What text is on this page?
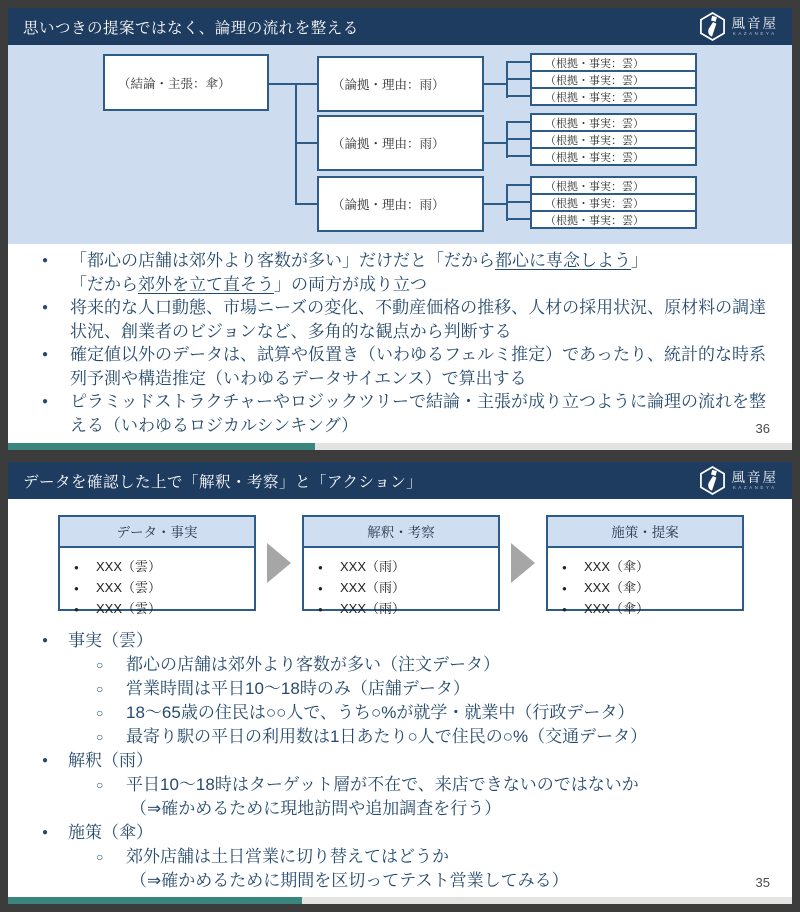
思いつきの提案ではなく、論理の流れを整える	風音屋
KAZANEYA
（結論・主張：傘）	（論拠・理由：雨）
（論拠・理由：雨）
（論拠・理由：雨）
（根拠・事実：雲）
（根拠・事実：雲）
（根拠・事実：雲）
（根拠・事実：雲）
（根拠・事実：雲）
（根拠・事実：雲）
（根拠・事実：雲）
（根拠・事実：雲）
（根拠・事実：雲）
●	「都心の店舗は郊外より客数が多い」だけだと「だから都心に専念しよう」
「だから郊外を立て直そう」の両方が成り立つ
●	将来的な人口動態、市場ニーズの変化、不動産価格の推移、人材の採用状況、原材料の調達状況、創業者のビジョンなど、多角的な観点から判断する
●	確定値以外のデータは、試算や仮置き（いわゆるフェルミ推定）であったり、統計的な時系列予測や構造推定（いわゆるデータサイエンス）で算出する
●	ピラミッドストラクチャーやロジックツリーで結論・主張が成り立つように論理の流れを整える（いわゆるロジカルシンキング）	36
データを確認した上で「解釈・考察」と「アクション」	風音屋
KAZANEYA
データ・事実
●	XXX（雲）
●	XXX（雲）
●	XXX（雲）
解釈・考察
●	XXX（雨）
●	XXX（雨）
●	XXX（雨）
施策・提案
●	XXX（傘）
●	XXX（傘）
●	XXX（傘）
●	事実（雲）
○	都心の店舗は郊外より客数が多い（注文データ）
○	営業時間は平日10～18時のみ（店舗データ）
○	18～65歳の住民は○○人で、うち○%が就学・就業中（行政データ）
○	最寄り駅の平日の利用数は1日あたり○人で住民の○%（交通データ）
●	解釈（雨）
○	平日10～18時はターゲット層が不在で、来店できないのではないか
（⇒確かめるために現地訪問や追加調査を行う）
●	施策（傘）
○	郊外店舗は土日営業に切り替えてはどうか
（⇒確かめるために期間を区切ってテスト営業してみる）	35
